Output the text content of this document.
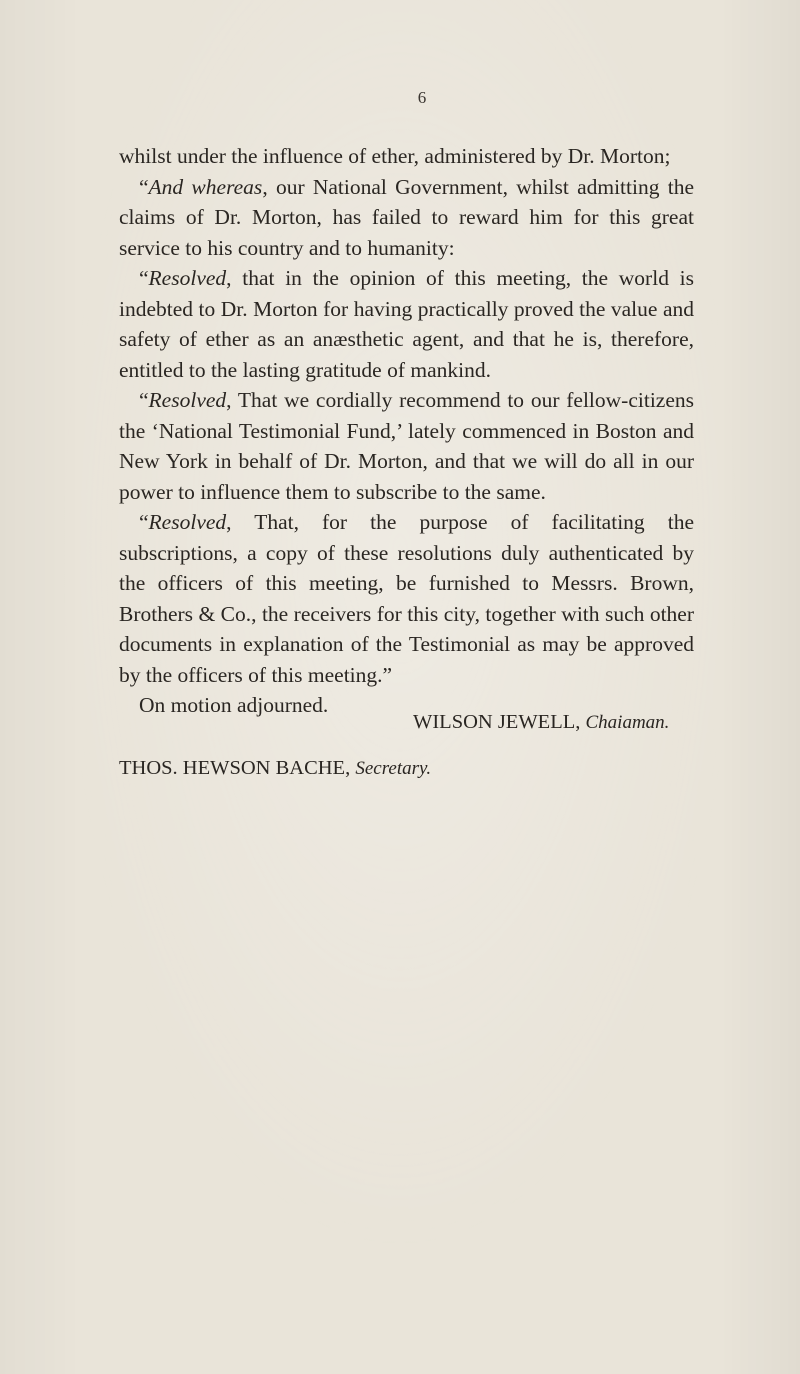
6

whilst under the influence of ether, administered by Dr. Morton;

“And whereas, our National Government, whilst admitting the claims of Dr. Morton, has failed to reward him for this great service to his country and to humanity:

“Resolved, that in the opinion of this meeting, the world is indebted to Dr. Morton for having practically proved the value and safety of ether as an anæsthetic agent, and that he is, therefore, entitled to the lasting gratitude of mankind.

“Resolved, That we cordially recommend to our fellow-citizens the ‘National Testimonial Fund,’ lately commenced in Boston and New York in behalf of Dr. Morton, and that we will do all in our power to influence them to subscribe to the same.

“Resolved, That, for the purpose of facilitating the subscriptions, a copy of these resolutions duly authenticated by the officers of this meeting, be furnished to Messrs. Brown, Brothers & Co., the receivers for this city, together with such other documents in explanation of the Testimonial as may be approved by the officers of this meeting.”

On motion adjourned.

WILSON JEWELL, Chaiaman.
THOS. HEWSON BACHE, Secretary.
